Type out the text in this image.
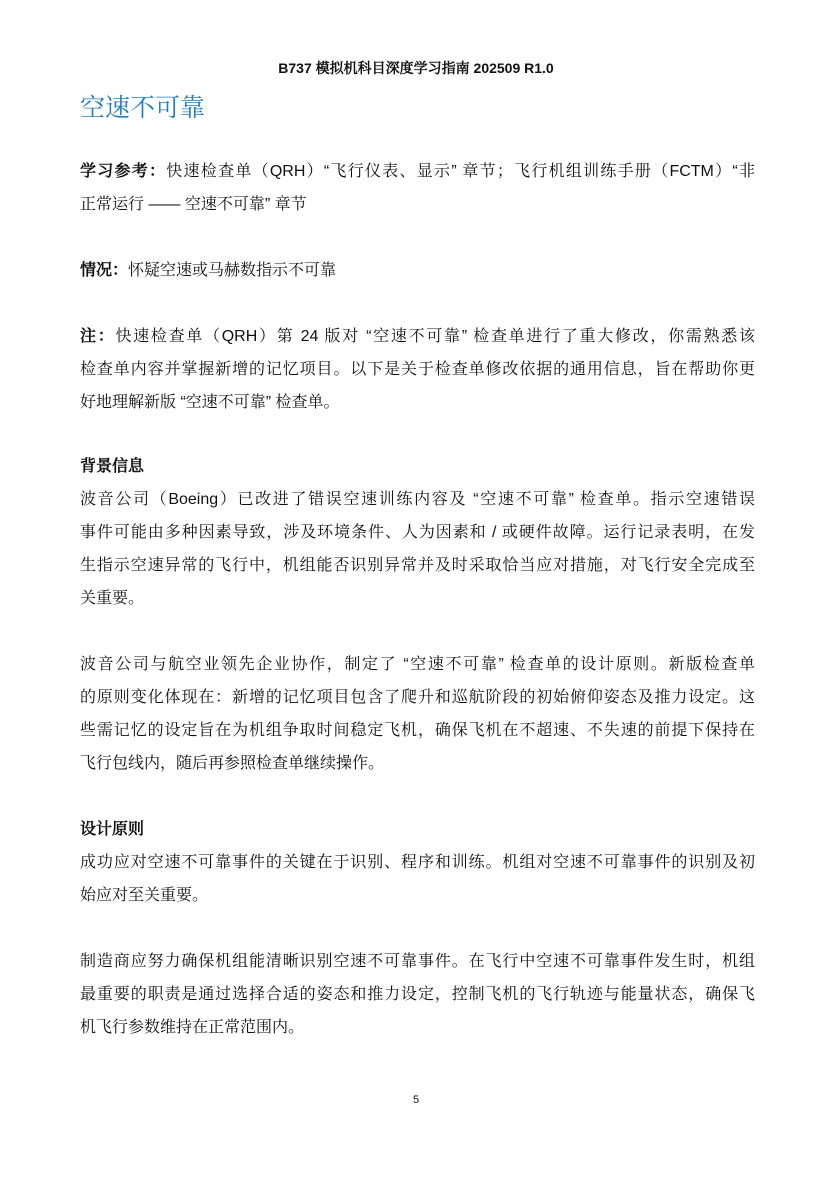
B737 模拟机科目深度学习指南 202509 R1.0
空速不可靠
学习参考：快速检查单（QRH）“飞行仪表、显示” 章节；飞行机组训练手册（FCTM）“非
正常运行 —— 空速不可靠” 章节
情况：怀疑空速或马赫数指示不可靠
注：快速检查单（QRH）第 24 版对 “空速不可靠” 检查单进行了重大修改，你需熟悉该
检查单内容并掌握新增的记忆项目。以下是关于检查单修改依据的通用信息，旨在帮助你更
好地理解新版 “空速不可靠” 检查单。
背景信息
波音公司（Boeing）已改进了错误空速训练内容及 “空速不可靠” 检查单。指示空速错误
事件可能由多种因素导致，涉及环境条件、人为因素和 / 或硬件故障。运行记录表明，在发
生指示空速异常的飞行中，机组能否识别异常并及时采取恰当应对措施，对飞行安全完成至
关重要。
波音公司与航空业领先企业协作，制定了 “空速不可靠” 检查单的设计原则。新版检查单
的原则变化体现在：新增的记忆项目包含了爬升和巡航阶段的初始俯仰姿态及推力设定。这
些需记忆的设定旨在为机组争取时间稳定飞机，确保飞机在不超速、不失速的前提下保持在
飞行包线内，随后再参照检查单继续操作。
设计原则
成功应对空速不可靠事件的关键在于识别、程序和训练。机组对空速不可靠事件的识别及初
始应对至关重要。
制造商应努力确保机组能清晰识别空速不可靠事件。在飞行中空速不可靠事件发生时，机组
最重要的职责是通过选择合适的姿态和推力设定，控制飞机的飞行轨迹与能量状态，确保飞
机飞行参数维持在正常范围内。
5
